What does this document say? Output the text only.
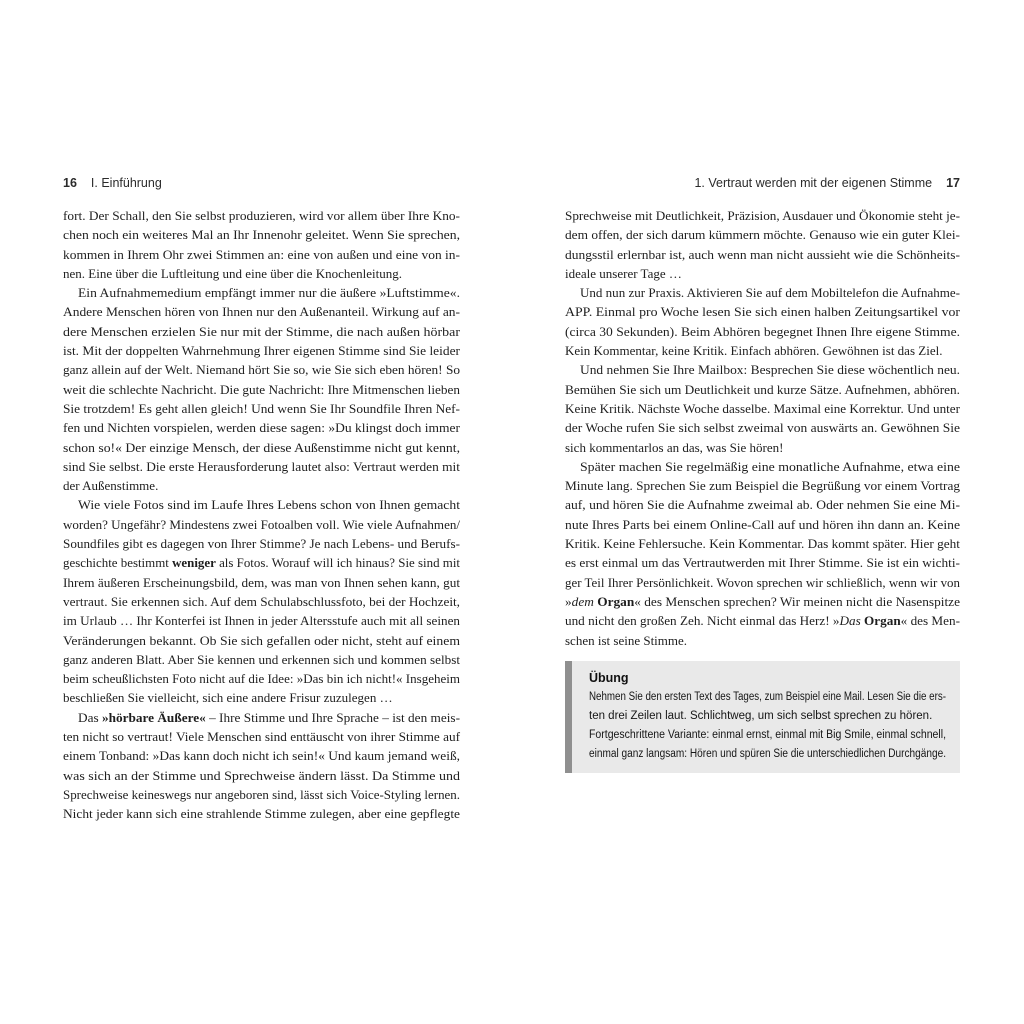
16 I. Einführung	1. Vertraut werden mit der eigenen Stimme 17
fort. Der Schall, den Sie selbst produzieren, wird vor allem über Ihre Kno-
chen noch ein weiteres Mal an Ihr Innenohr geleitet. Wenn Sie sprechen,
kommen in Ihrem Ohr zwei Stimmen an: eine von außen und eine von in-
nen. Eine über die Luftleitung und eine über die Knochenleitung.
Ein Aufnahmemedium empfängt immer nur die äußere »Luftstimme«.
Andere Menschen hören von Ihnen nur den Außenanteil. Wirkung auf an-
dere Menschen erzielen Sie nur mit der Stimme, die nach außen hörbar
ist. Mit der doppelten Wahrnehmung Ihrer eigenen Stimme sind Sie leider
ganz allein auf der Welt. Niemand hört Sie so, wie Sie sich eben hören! So
weit die schlechte Nachricht. Die gute Nachricht: Ihre Mitmenschen lieben
Sie trotzdem! Es geht allen gleich! Und wenn Sie Ihr Soundfile Ihren Nef-
fen und Nichten vorspielen, werden diese sagen: »Du klingst doch immer
schon so!« Der einzige Mensch, der diese Außenstimme nicht gut kennt,
sind Sie selbst. Die erste Herausforderung lautet also: Vertraut werden mit
der Außenstimme.
Wie viele Fotos sind im Laufe Ihres Lebens schon von Ihnen gemacht
worden? Ungefähr? Mindestens zwei Fotoalben voll. Wie viele Aufnahmen/
Soundfiles gibt es dagegen von Ihrer Stimme? Je nach Lebens- und Berufs-
geschichte bestimmt weniger als Fotos. Worauf will ich hinaus? Sie sind mit
Ihrem äußeren Erscheinungsbild, dem, was man von Ihnen sehen kann, gut
vertraut. Sie erkennen sich. Auf dem Schulabschlussfoto, bei der Hochzeit,
im Urlaub … Ihr Konterfei ist Ihnen in jeder Altersstufe auch mit all seinen
Veränderungen bekannt. Ob Sie sich gefallen oder nicht, steht auf einem
ganz anderen Blatt. Aber Sie kennen und erkennen sich und kommen selbst
beim scheußlichsten Foto nicht auf die Idee: »Das bin ich nicht!« Insgeheim
beschließen Sie vielleicht, sich eine andere Frisur zuzulegen …
Das »hörbare Äußere« – Ihre Stimme und Ihre Sprache – ist den meis-
ten nicht so vertraut! Viele Menschen sind enttäuscht von ihrer Stimme auf
einem Tonband: »Das kann doch nicht ich sein!« Und kaum jemand weiß,
was sich an der Stimme und Sprechweise ändern lässt. Da Stimme und
Sprechweise keineswegs nur angeboren sind, lässt sich Voice-Styling lernen.
Nicht jeder kann sich eine strahlende Stimme zulegen, aber eine gepflegte
Sprechweise mit Deutlichkeit, Präzision, Ausdauer und Ökonomie steht je-
dem offen, der sich darum kümmern möchte. Genauso wie ein guter Klei-
dungsstil erlernbar ist, auch wenn man nicht aussieht wie die Schönheits-
ideale unserer Tage …
Und nun zur Praxis. Aktivieren Sie auf dem Mobiltelefon die Aufnahme-
APP. Einmal pro Woche lesen Sie sich einen halben Zeitungsartikel vor
(circa 30 Sekunden). Beim Abhören begegnet Ihnen Ihre eigene Stimme.
Kein Kommentar, keine Kritik. Einfach abhören. Gewöhnen ist das Ziel.
Und nehmen Sie Ihre Mailbox: Besprechen Sie diese wöchentlich neu.
Bemühen Sie sich um Deutlichkeit und kurze Sätze. Aufnehmen, abhören.
Keine Kritik. Nächste Woche dasselbe. Maximal eine Korrektur. Und unter
der Woche rufen Sie sich selbst zweimal von auswärts an. Gewöhnen Sie
sich kommentarlos an das, was Sie hören!
Später machen Sie regelmäßig eine monatliche Aufnahme, etwa eine
Minute lang. Sprechen Sie zum Beispiel die Begrüßung vor einem Vortrag
auf, und hören Sie die Aufnahme zweimal ab. Oder nehmen Sie eine Mi-
nute Ihres Parts bei einem Online-Call auf und hören ihn dann an. Keine
Kritik. Keine Fehlersuche. Kein Kommentar. Das kommt später. Hier geht
es erst einmal um das Vertrautwerden mit Ihrer Stimme. Sie ist ein wichti-
ger Teil Ihrer Persönlichkeit. Wovon sprechen wir schließlich, wenn wir von
»dem Organ« des Menschen sprechen? Wir meinen nicht die Nasenspitze
und nicht den großen Zeh. Nicht einmal das Herz! »Das Organ« des Men-
schen ist seine Stimme.
Übung
Nehmen Sie den ersten Text des Tages, zum Beispiel eine Mail. Lesen Sie die ers-
ten drei Zeilen laut. Schlichtweg, um sich selbst sprechen zu hören.
Fortgeschrittene Variante: einmal ernst, einmal mit Big Smile, einmal schnell,
einmal ganz langsam: Hören und spüren Sie die unterschiedlichen Durchgänge.
